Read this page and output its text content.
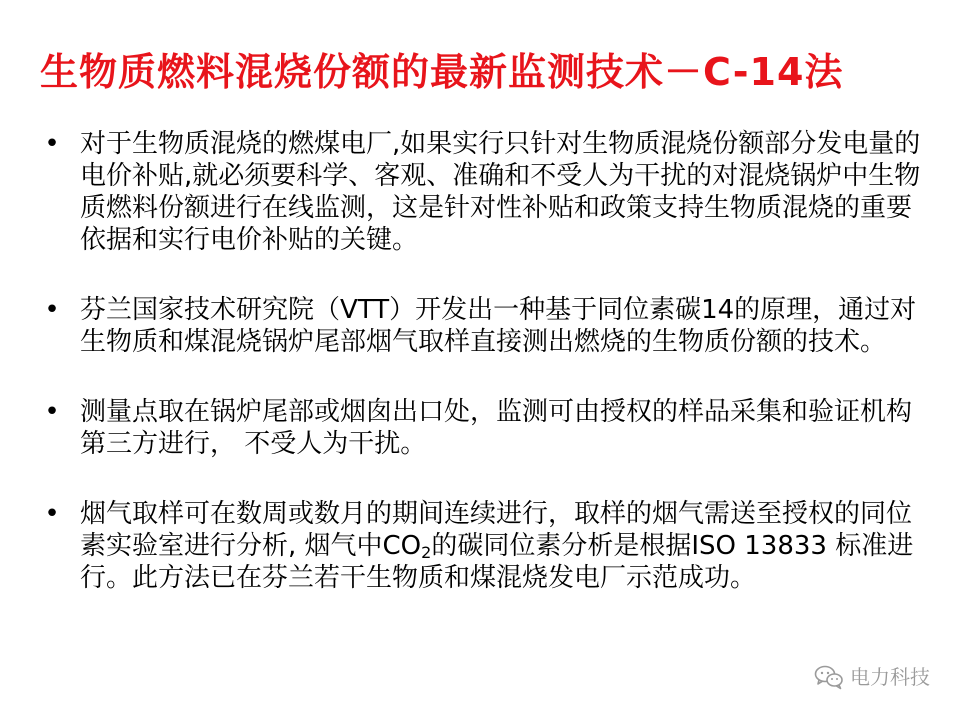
生物质燃料混烧份额的最新监测技术－C-14法
• 对于生物质混烧的燃煤电厂,如果实行只针对生物质混烧份额部分发电量的电价补贴,就必须要科学、客观、准确和不受人为干扰的对混烧锅炉中生物质燃料份额进行在线监测，这是针对性补贴和政策支持生物质混烧的重要依据和实行电价补贴的关键。
• 芬兰国家技术研究院（VTT）开发出一种基于同位素碳14的原理，通过对生物质和煤混烧锅炉尾部烟气取样直接测出燃烧的生物质份额的技术。
• 测量点取在锅炉尾部或烟囱出口处，监测可由授权的样品采集和验证机构第三方进行， 不受人为干扰。
• 烟气取样可在数周或数月的期间连续进行，取样的烟气需送至授权的同位素实验室进行分析, 烟气中$CO_2$的碳同位素分析是根据ISO 13833 标准进行。此方法已在芬兰若干生物质和煤混烧发电厂示范成功。
电力科技
